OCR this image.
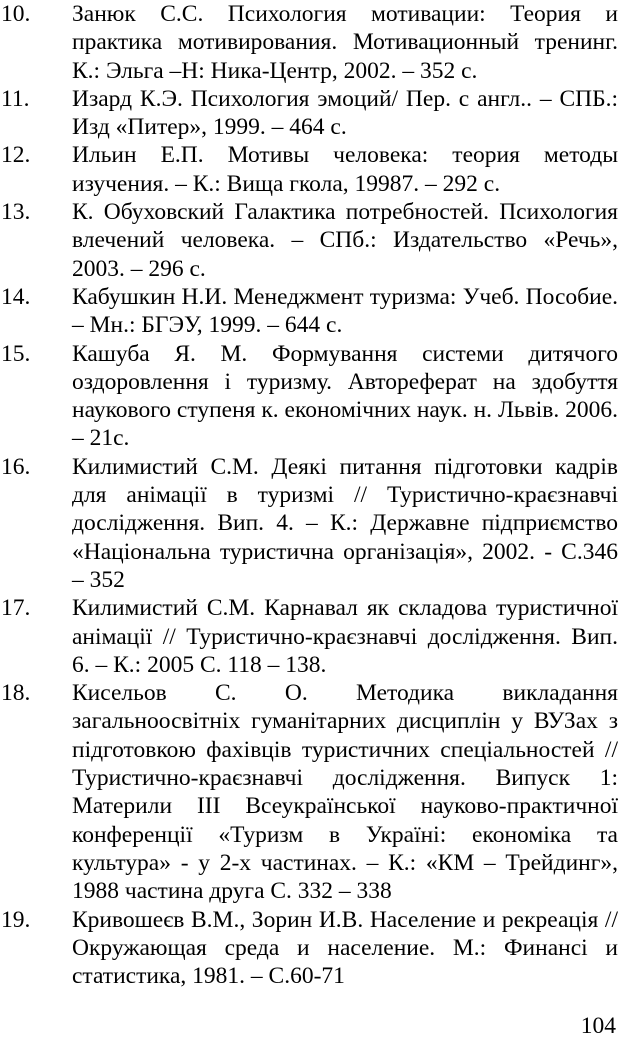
10.	Занюк С.С. Психология мотивации: Теория и практика мотивирования. Мотивационный тренинг. К.: Эльга –Н: Ника-Центр, 2002. – 352 с.
11.	Изард К.Э. Психология эмоций/ Пер. с англ.. – СПБ.: Изд «Питер», 1999. – 464 с.
12.	Ильин Е.П. Мотивы человека: теория методы изучения. – К.: Вища гкола, 19987. – 292 с.
13.	К. Обуховский Галактика потребностей. Психология влечений человека. – СПб.: Издательство «Речь», 2003. – 296 с.
14.	Кабушкин Н.И. Менеджмент туризма: Учеб. Пособие. – Мн.: БГЭУ, 1999. – 644 с.
15.	Кашуба Я. М. Формування системи дитячого оздоровлення і туризму. Автореферат на здобуття наукового ступеня к. економічних наук. н. Львів. 2006. – 21с.
16.	Килимистий С.М. Деякі питання підготовки кадрів для анімації в туризмі // Туристично-краєзнавчі дослідження. Вип. 4. – К.: Державне підприємство «Національна туристична організація», 2002. - С.346 – 352
17.	Килимистий С.М. Карнавал як складова туристичної анімації // Туристично-краєзнавчі дослідження. Вип. 6. – К.: 2005 С. 118 – 138.
18.	Кисельов С. О. Методика викладання загальноосвітніх гуманітарних дисциплін у ВУЗах з підготовкою фахівців туристичних спеціальностей // Туристично-краєзнавчі дослідження. Випуск 1: Материли ІІІ Всеукраїнської науково-практичної конференції «Туризм в Україні: економіка та культура» - у 2-х частинах. – К.: «КМ – Трейдинг», 1988 частина друга С. 332 – 338
19.	Кривошеєв В.М., Зорин И.В. Население и рекреація // Окружающая среда и население. М.: Финансі и статистика, 1981. – С.60-71
104
